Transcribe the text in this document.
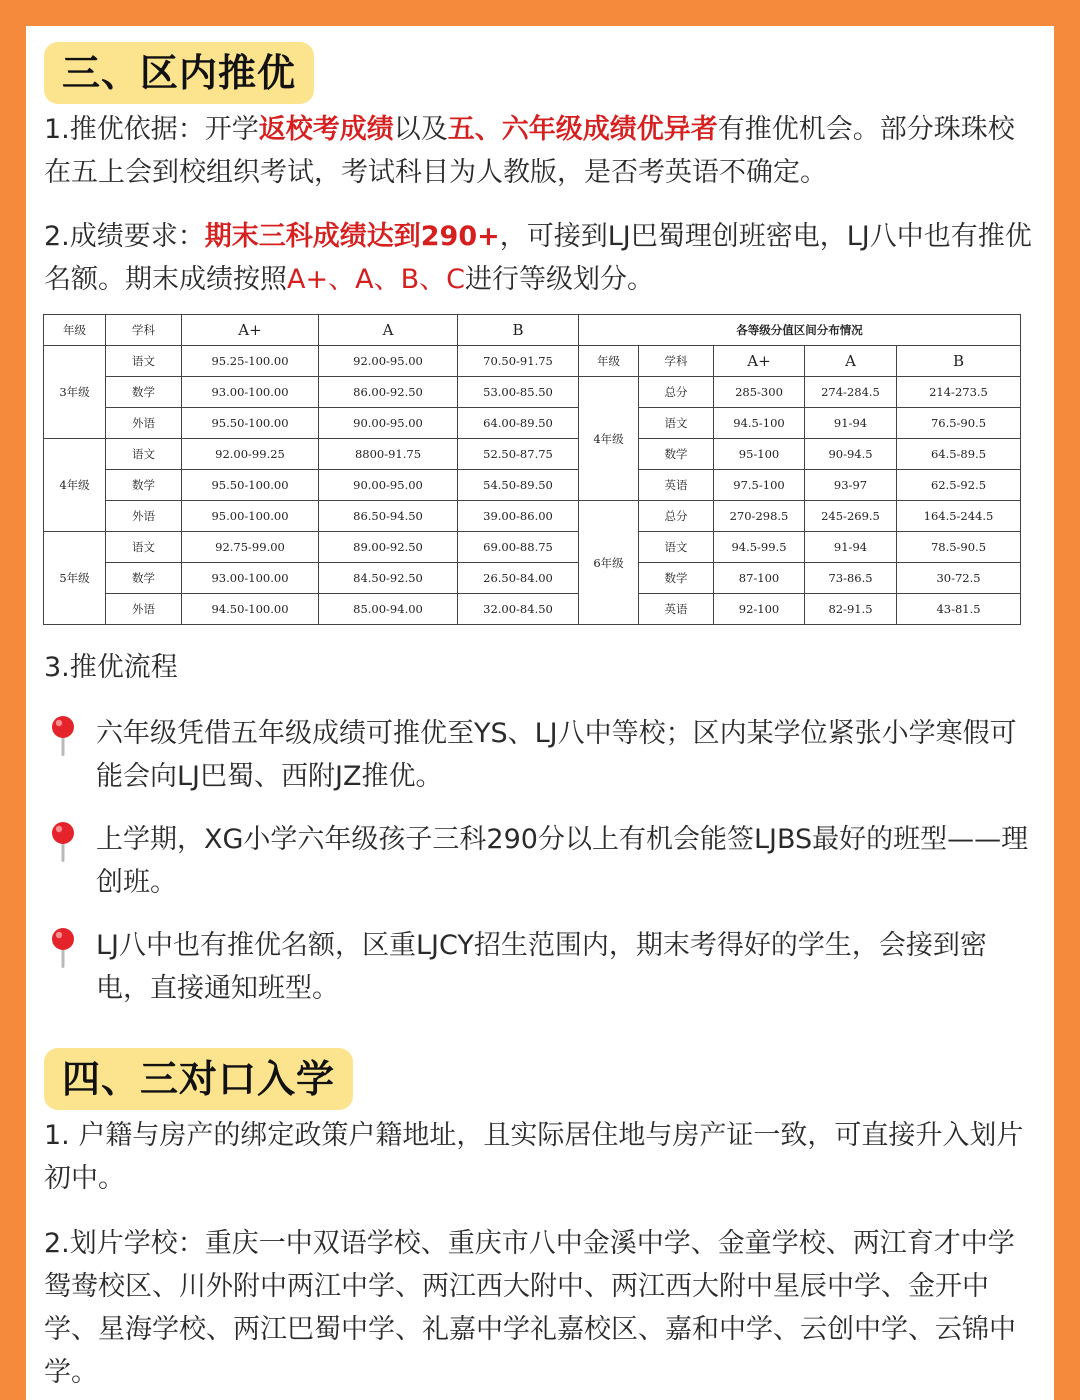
三、区内推优
1.推优依据：开学返校考成绩以及五、六年级成绩优异者有推优机会。部分珠珠校在五上会到校组织考试，考试科目为人教版，是否考英语不确定。
2.成绩要求：期末三科成绩达到290+，可接到LJ巴蜀理创班密电，LJ八中也有推优名额。期末成绩按照A+、A、B、C进行等级划分。
年级	学科	A+	A	B	各等级分值区间分布情况				
3年级	语文	95.25-100.00	92.00-95.00	70.50-91.75	年级	学科	A+	A	B
	数学	93.00-100.00	86.00-92.50	53.00-85.50	4年级	总分	285-300	274-284.5	214-273.5
	外语	95.50-100.00	90.00-95.00	64.00-89.50		语文	94.5-100	91-94	76.5-90.5
4年级	语文	92.00-99.25	8800-91.75	52.50-87.75		数学	95-100	90-94.5	64.5-89.5
	数学	95.50-100.00	90.00-95.00	54.50-89.50		英语	97.5-100	93-97	62.5-92.5
	外语	95.00-100.00	86.50-94.50	39.00-86.00	6年级	总分	270-298.5	245-269.5	164.5-244.5
5年级	语文	92.75-99.00	89.00-92.50	69.00-88.75		语文	94.5-99.5	91-94	78.5-90.5
	数学	93.00-100.00	84.50-92.50	26.50-84.00		数学	87-100	73-86.5	30-72.5
	外语	94.50-100.00	85.00-94.00	32.00-84.50		英语	92-100	82-91.5	43-81.5
3.推优流程
六年级凭借五年级成绩可推优至YS、LJ八中等校；区内某学位紧张小学寒假可能会向LJ巴蜀、西附JZ推优。
上学期，XG小学六年级孩子三科290分以上有机会能签LJBS最好的班型——理创班。
LJ八中也有推优名额，区重LJCY招生范围内，期末考得好的学生，会接到密电，直接通知班型。
四、三对口入学
1. 户籍与房产的绑定政策户籍地址，且实际居住地与房产证一致，可直接升入划片初中。
2.划片学校：重庆一中双语学校、重庆市八中金溪中学、金童学校、两江育才中学鸳鸯校区、川外附中两江中学、两江西大附中、两江西大附中星辰中学、金开中学、星海学校、两江巴蜀中学、礼嘉中学礼嘉校区、嘉和中学、云创中学、云锦中学。
